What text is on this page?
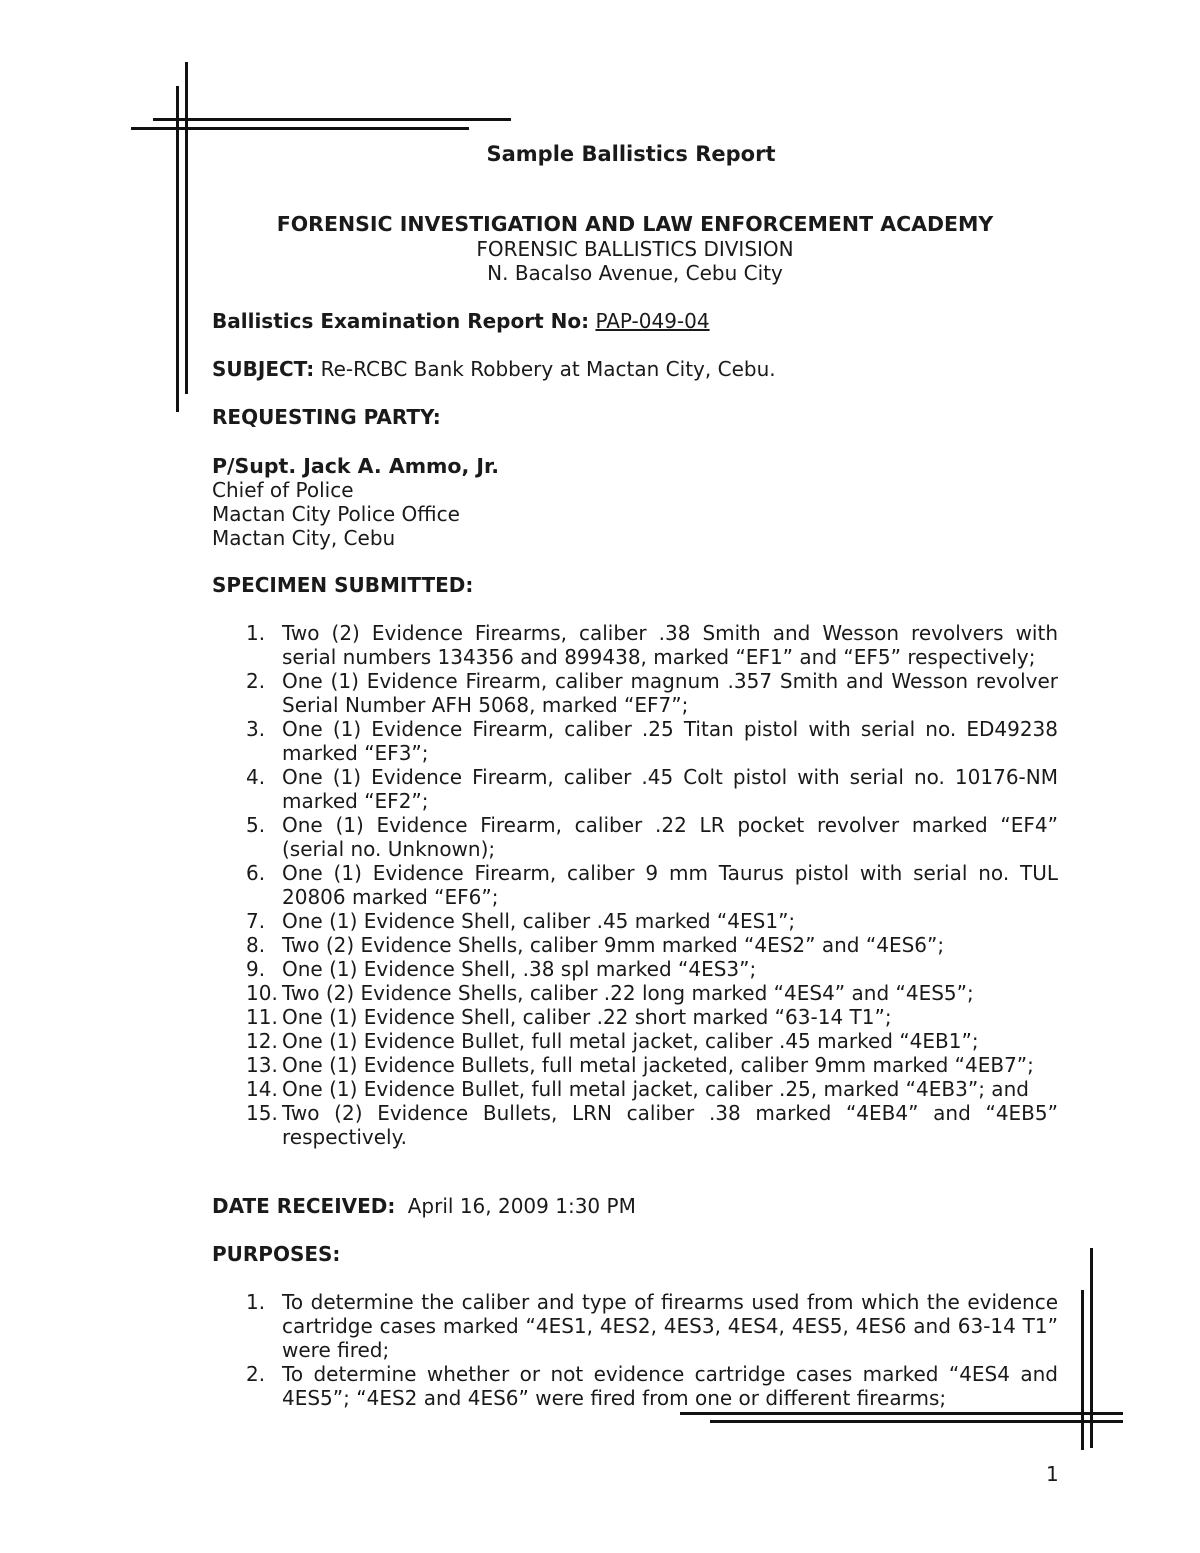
Sample Ballistics Report
FORENSIC INVESTIGATION AND LAW ENFORCEMENT ACADEMY
FORENSIC BALLISTICS DIVISION
N. Bacalso Avenue, Cebu City
Ballistics Examination Report No: PAP-049-04
SUBJECT: Re-RCBC Bank Robbery at Mactan City, Cebu.
REQUESTING PARTY:
P/Supt. Jack A. Ammo, Jr.
Chief of Police
Mactan City Police Office
Mactan City, Cebu
SPECIMEN SUBMITTED:
1. Two (2) Evidence Firearms, caliber .38 Smith and Wesson revolvers with serial numbers 134356 and 899438, marked “EF1” and “EF5” respectively;
2. One (1) Evidence Firearm, caliber magnum .357 Smith and Wesson revolver Serial Number AFH 5068, marked “EF7”;
3. One (1) Evidence Firearm, caliber .25 Titan pistol with serial no. ED49238 marked “EF3”;
4. One (1) Evidence Firearm, caliber .45 Colt pistol with serial no. 10176-NM marked “EF2”;
5. One (1) Evidence Firearm, caliber .22 LR pocket revolver marked “EF4” (serial no. Unknown);
6. One (1) Evidence Firearm, caliber 9 mm Taurus pistol with serial no. TUL 20806 marked “EF6”;
7. One (1) Evidence Shell, caliber .45 marked “4ES1”;
8. Two (2) Evidence Shells, caliber 9mm marked “4ES2” and “4ES6”;
9. One (1) Evidence Shell, .38 spl marked “4ES3”;
10. Two (2) Evidence Shells, caliber .22 long marked “4ES4” and “4ES5”;
11. One (1) Evidence Shell, caliber .22 short marked “63-14 T1”;
12. One (1) Evidence Bullet, full metal jacket, caliber .45 marked “4EB1”;
13. One (1) Evidence Bullets, full metal jacketed, caliber 9mm marked “4EB7”;
14. One (1) Evidence Bullet, full metal jacket, caliber .25, marked “4EB3”; and
15. Two (2) Evidence Bullets, LRN caliber .38 marked “4EB4” and “4EB5” respectively.
DATE RECEIVED: April 16, 2009 1:30 PM
PURPOSES:
1. To determine the caliber and type of firearms used from which the evidence cartridge cases marked “4ES1, 4ES2, 4ES3, 4ES4, 4ES5, 4ES6 and 63-14 T1” were fired;
2. To determine whether or not evidence cartridge cases marked “4ES4 and 4ES5”; “4ES2 and 4ES6” were fired from one or different firearms;
1
